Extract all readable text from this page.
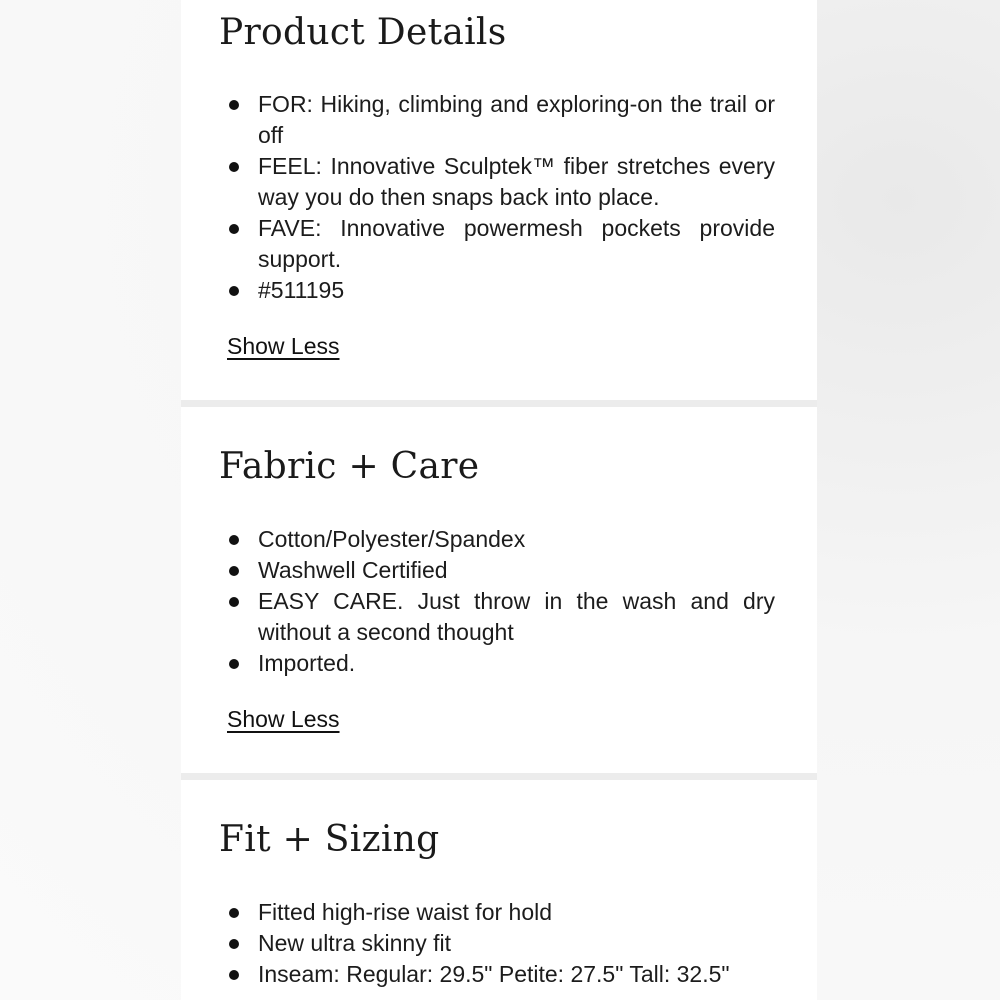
Product Details
FOR: Hiking, climbing and exploring-on the trail or off
FEEL: Innovative Sculptek™ fiber stretches every way you do then snaps back into place.
FAVE: Innovative powermesh pockets provide support.
#511195
Show Less
Fabric + Care
Cotton/Polyester/Spandex
Washwell Certified
EASY CARE. Just throw in the wash and dry without a second thought
Imported.
Show Less
Fit + Sizing
Fitted high-rise waist for hold
New ultra skinny fit
Inseam: Regular: 29.5" Petite: 27.5" Tall: 32.5"
